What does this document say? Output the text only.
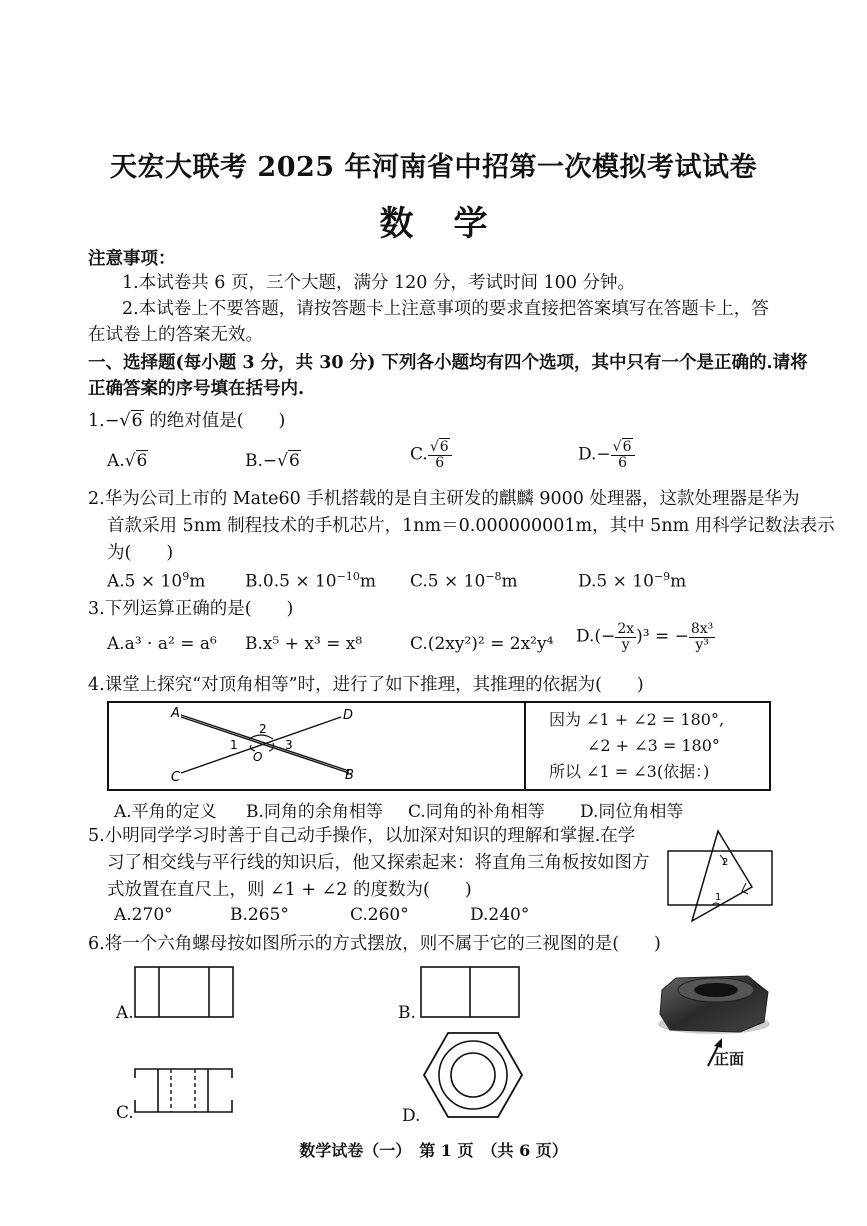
天宏大联考 2025 年河南省中招第一次模拟考试试卷
数学
注意事项：
1.本试卷共 6 页，三个大题，满分 120 分，考试时间 100 分钟。
2.本试卷上不要答题，请按答题卡上注意事项的要求直接把答案填写在答题卡上，答
在试卷上的答案无效。
一、选择题(每小题 3 分，共 30 分) 下列各小题均有四个选项，其中只有一个是正确的.请将
正确答案的序号填在括号内.
1.−√6 的绝对值是(　　)
A.√6	B.−√6	C. $\frac{√6}{6}$	$D.- \frac{√6}{6}$
2.华为公司上市的 Mate60 手机搭载的是自主研发的麒麟 9000 处理器，这款处理器是华为
首款采用 5nm 制程技术的手机芯片，1nm＝0.000000001m，其中 5nm 用科学记数法表示
为(　　)
$A.5 \times 10^9m$ $B.0.5 \times 10^{-10}m$ $C.5 \times 10^{-8}m$	$D.5 \times 10^{-9}m$
3.下列运算正确的是(　　)
A.a³ · a² = a⁶ B.x⁵ + x³ = x⁸	C.(2xy²)² = 2x²y⁴ $D.(- \frac{2x}{y} )^3$ = − $\frac{\text{8x³}}{\text{y³}}$
4.课堂上探究“对顶角相等”时，进行了如下推理，其推理的依据为(　　)
A	D
C	B
O
1
2
3
因为 ∠1 + ∠2 = 180°,
∠2 + ∠3 = 180°
所以 ∠1 = ∠3(依据：)
A.平角的定义 B.同角的余角相等 C.同角的补角相等 D.同位角相等
5.小明同学学习时善于自己动手操作，以加深对知识的理解和掌握.在学
习了相交线与平行线的知识后，他又探索起来：将直角三角板按如图方
式放置在直尺上，则 ∠1 + ∠2 的度数为(　　)
A.270°	B.265°	C.260°	D.240°
1
2
6.将一个六角螺母按如图所示的方式摆放，则不属于它的三视图的是(　　)
A.	B.
C.	D.
正面
数学试卷（一）　第 1 页　（共 6 页）
